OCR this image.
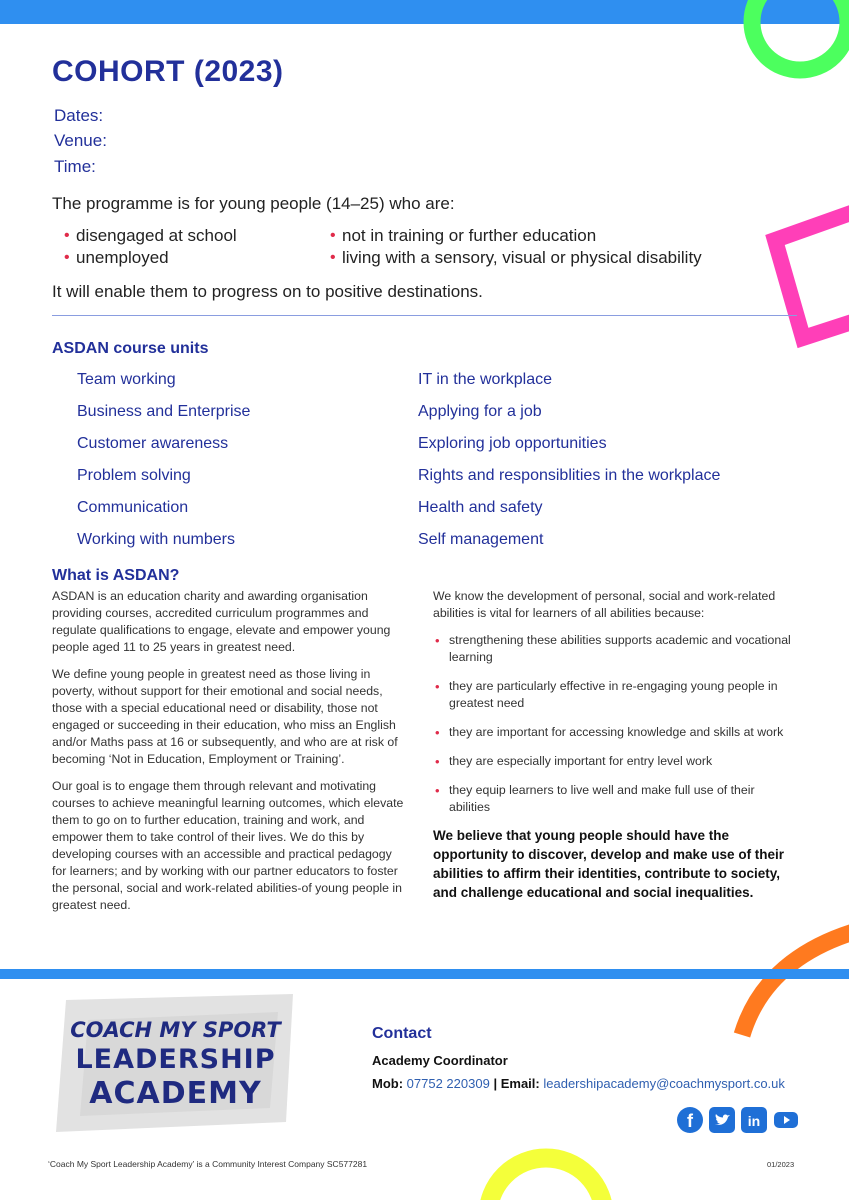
COHORT (2023)
Dates:
Venue:
Time:
The programme is for young people (14–25) who are:
• disengaged at school
• unemployed
• not in training or further education
• living with a sensory, visual or physical disability
It will enable them to progress on to positive destinations.
ASDAN course units
Team working
Business and Enterprise
Customer awareness
Problem solving
Communication
Working with numbers
IT in the workplace
Applying for a job
Exploring job opportunities
Rights and responsiblities in the workplace
Health and safety
Self management
What is ASDAN?

ASDAN is an education charity and awarding organisation providing courses, accredited curriculum programmes and regulate qualifications to engage, elevate and empower young people aged 11 to 25 years in greatest need.

We define young people in greatest need as those living in poverty, without support for their emotional and social needs, those with a special educational need or disability, those not engaged or succeeding in their education, who miss an English and/or Maths pass at 16 or subsequently, and who are at risk of becoming ‘Not in Education, Employment or Training’.

Our goal is to engage them through relevant and motivating courses to achieve meaningful learning outcomes, which elevate them to go on to further education, training and work, and empower them to take control of their lives. We do this by developing courses with an accessible and practical pedagogy for learners; and by working with our partner educators to foster the personal, social and work-related abilities-of young people in greatest need.

We know the development of personal, social and work-related abilities is vital for learners of all abilities because:

• strengthening these abilities supports academic and vocational learning
• they are particularly effective in re-engaging young people in greatest need
• they are important for accessing knowledge and skills at work
• they are especially important for entry level work
• they equip learners to live well and make full use of their abilities

We believe that young people should have the opportunity to discover, develop and make use of their abilities to affirm their identities, contribute to society, and challenge educational and social inequalities.

COACH MY SPORT
LEADERSHIP
ACADEMY
Contact
Academy Coordinator
Mob: 07752 220309 | Email: leadershipacademy@coachmysport.co.uk
f	in
‘Coach My Sport Leadership Academy’ is a Community Interest Company SC577281	01/2023
